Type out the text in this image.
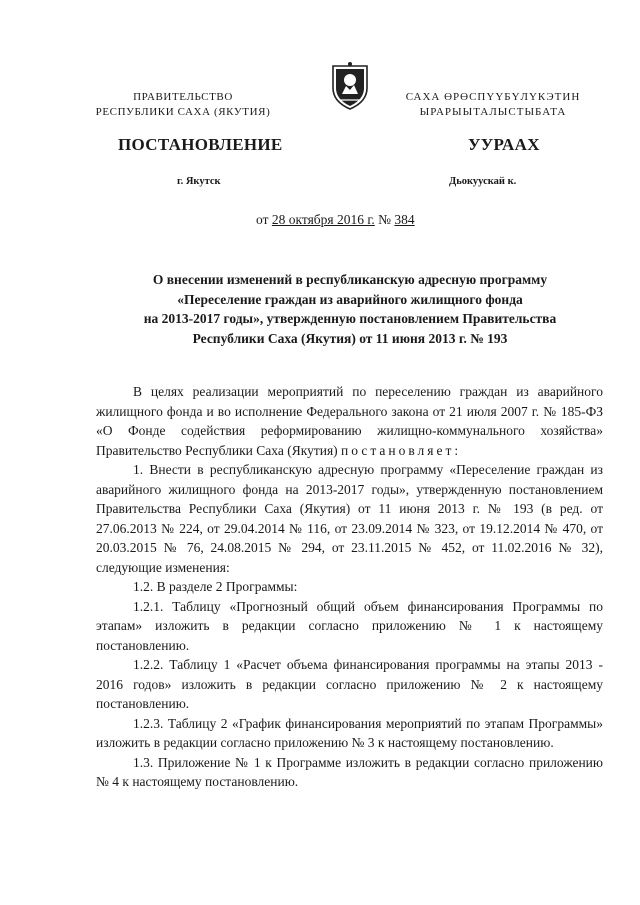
ПРАВИТЕЛЬСТВО
РЕСПУБЛИКИ САХА (ЯКУТИЯ)
САХА ӨРӨСПҮҮБҮЛҮКЭТИН
ЫРАРЫЫТАЛЫСТЫБАТА
ПОСТАНОВЛЕНИЕ	УУРААХ
г. Якутск	Дьокуускай к.
от 28 октября 2016 г. № 384
О внесении изменений в республиканскую адресную программу
«Переселение граждан из аварийного жилищного фонда
на 2013-2017 годы», утвержденную постановлением Правительства
Республики Саха (Якутия) от 11 июня 2013 г. № 193

В целях реализации мероприятий по переселению граждан из аварийного жилищного фонда и во исполнение Федерального закона от 21 июля 2007 г. № 185-ФЗ «О Фонде содействия реформированию жилищно-коммунального хозяйства» Правительство Республики Саха (Якутия) постановляет:

1. Внести в республиканскую адресную программу «Переселение граждан из аварийного жилищного фонда на 2013-2017 годы», утвержденную постановлением Правительства Республики Саха (Якутия) от 11 июня 2013 г. № 193 (в ред. от 27.06.2013 № 224, от 29.04.2014 № 116, от 23.09.2014 № 323, от 19.12.2014 № 470, от 20.03.2015 № 76, 24.08.2015 № 294, от 23.11.2015 № 452, от 11.02.2016 № 32), следующие изменения:

1.2. В разделе 2 Программы:

1.2.1. Таблицу «Прогнозный общий объем финансирования Программы по этапам» изложить в редакции согласно приложению № 1 к настоящему постановлению.

1.2.2. Таблицу 1 «Расчет объема финансирования программы на этапы 2013 - 2016 годов» изложить в редакции согласно приложению № 2 к настоящему постановлению.

1.2.3. Таблицу 2 «График финансирования мероприятий по этапам Программы» изложить в редакции согласно приложению № 3 к настоящему постановлению.

1.3. Приложение № 1 к Программе изложить в редакции согласно приложению № 4 к настоящему постановлению.
